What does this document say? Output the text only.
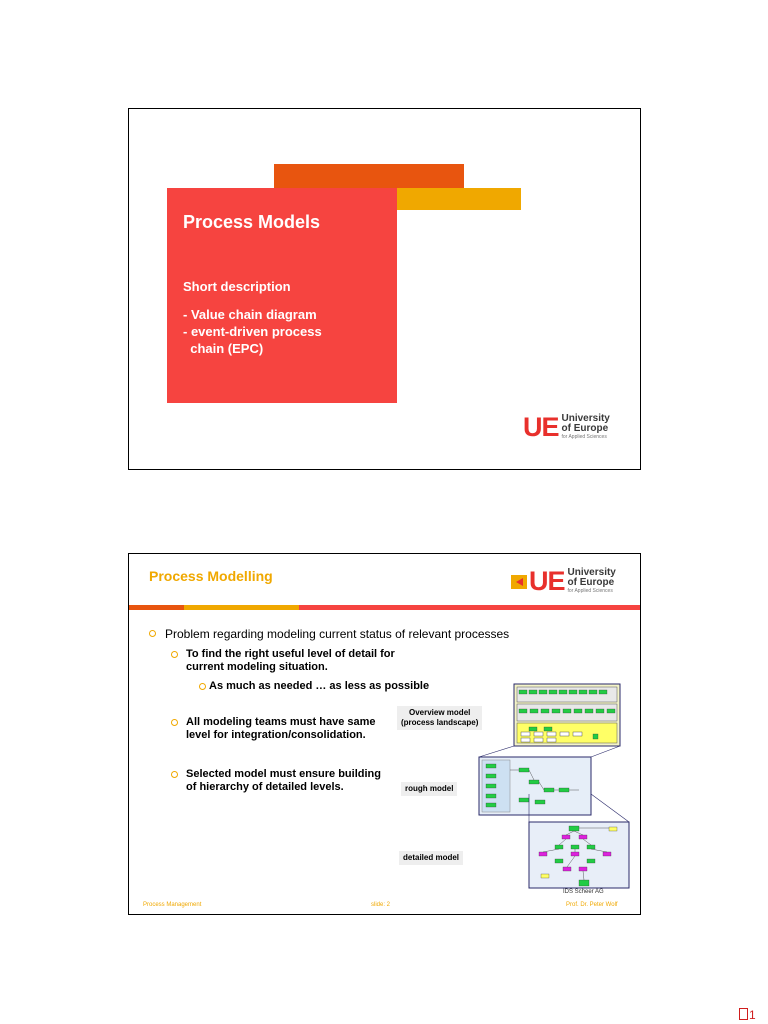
Process Models
Short description
- Value chain diagram
- event-driven process
chain (EPC)
UE University
of Europe
for Applied Sciences
Process Modelling	UE University
of Europe
for Applied Sciences
Problem regarding modeling current status of relevant processes
To find the right useful level of detail for
current modeling situation.
As much as needed … as less as possible
All modeling teams must have same
level for integration/consolidation.
Selected model must ensure building
of hierarchy of detailed levels.
Overview model
(process landscape)
rough model
detailed model
IDS Scheer AG
Process Management	slide: 2	Prof. Dr. Peter Wolf
1
